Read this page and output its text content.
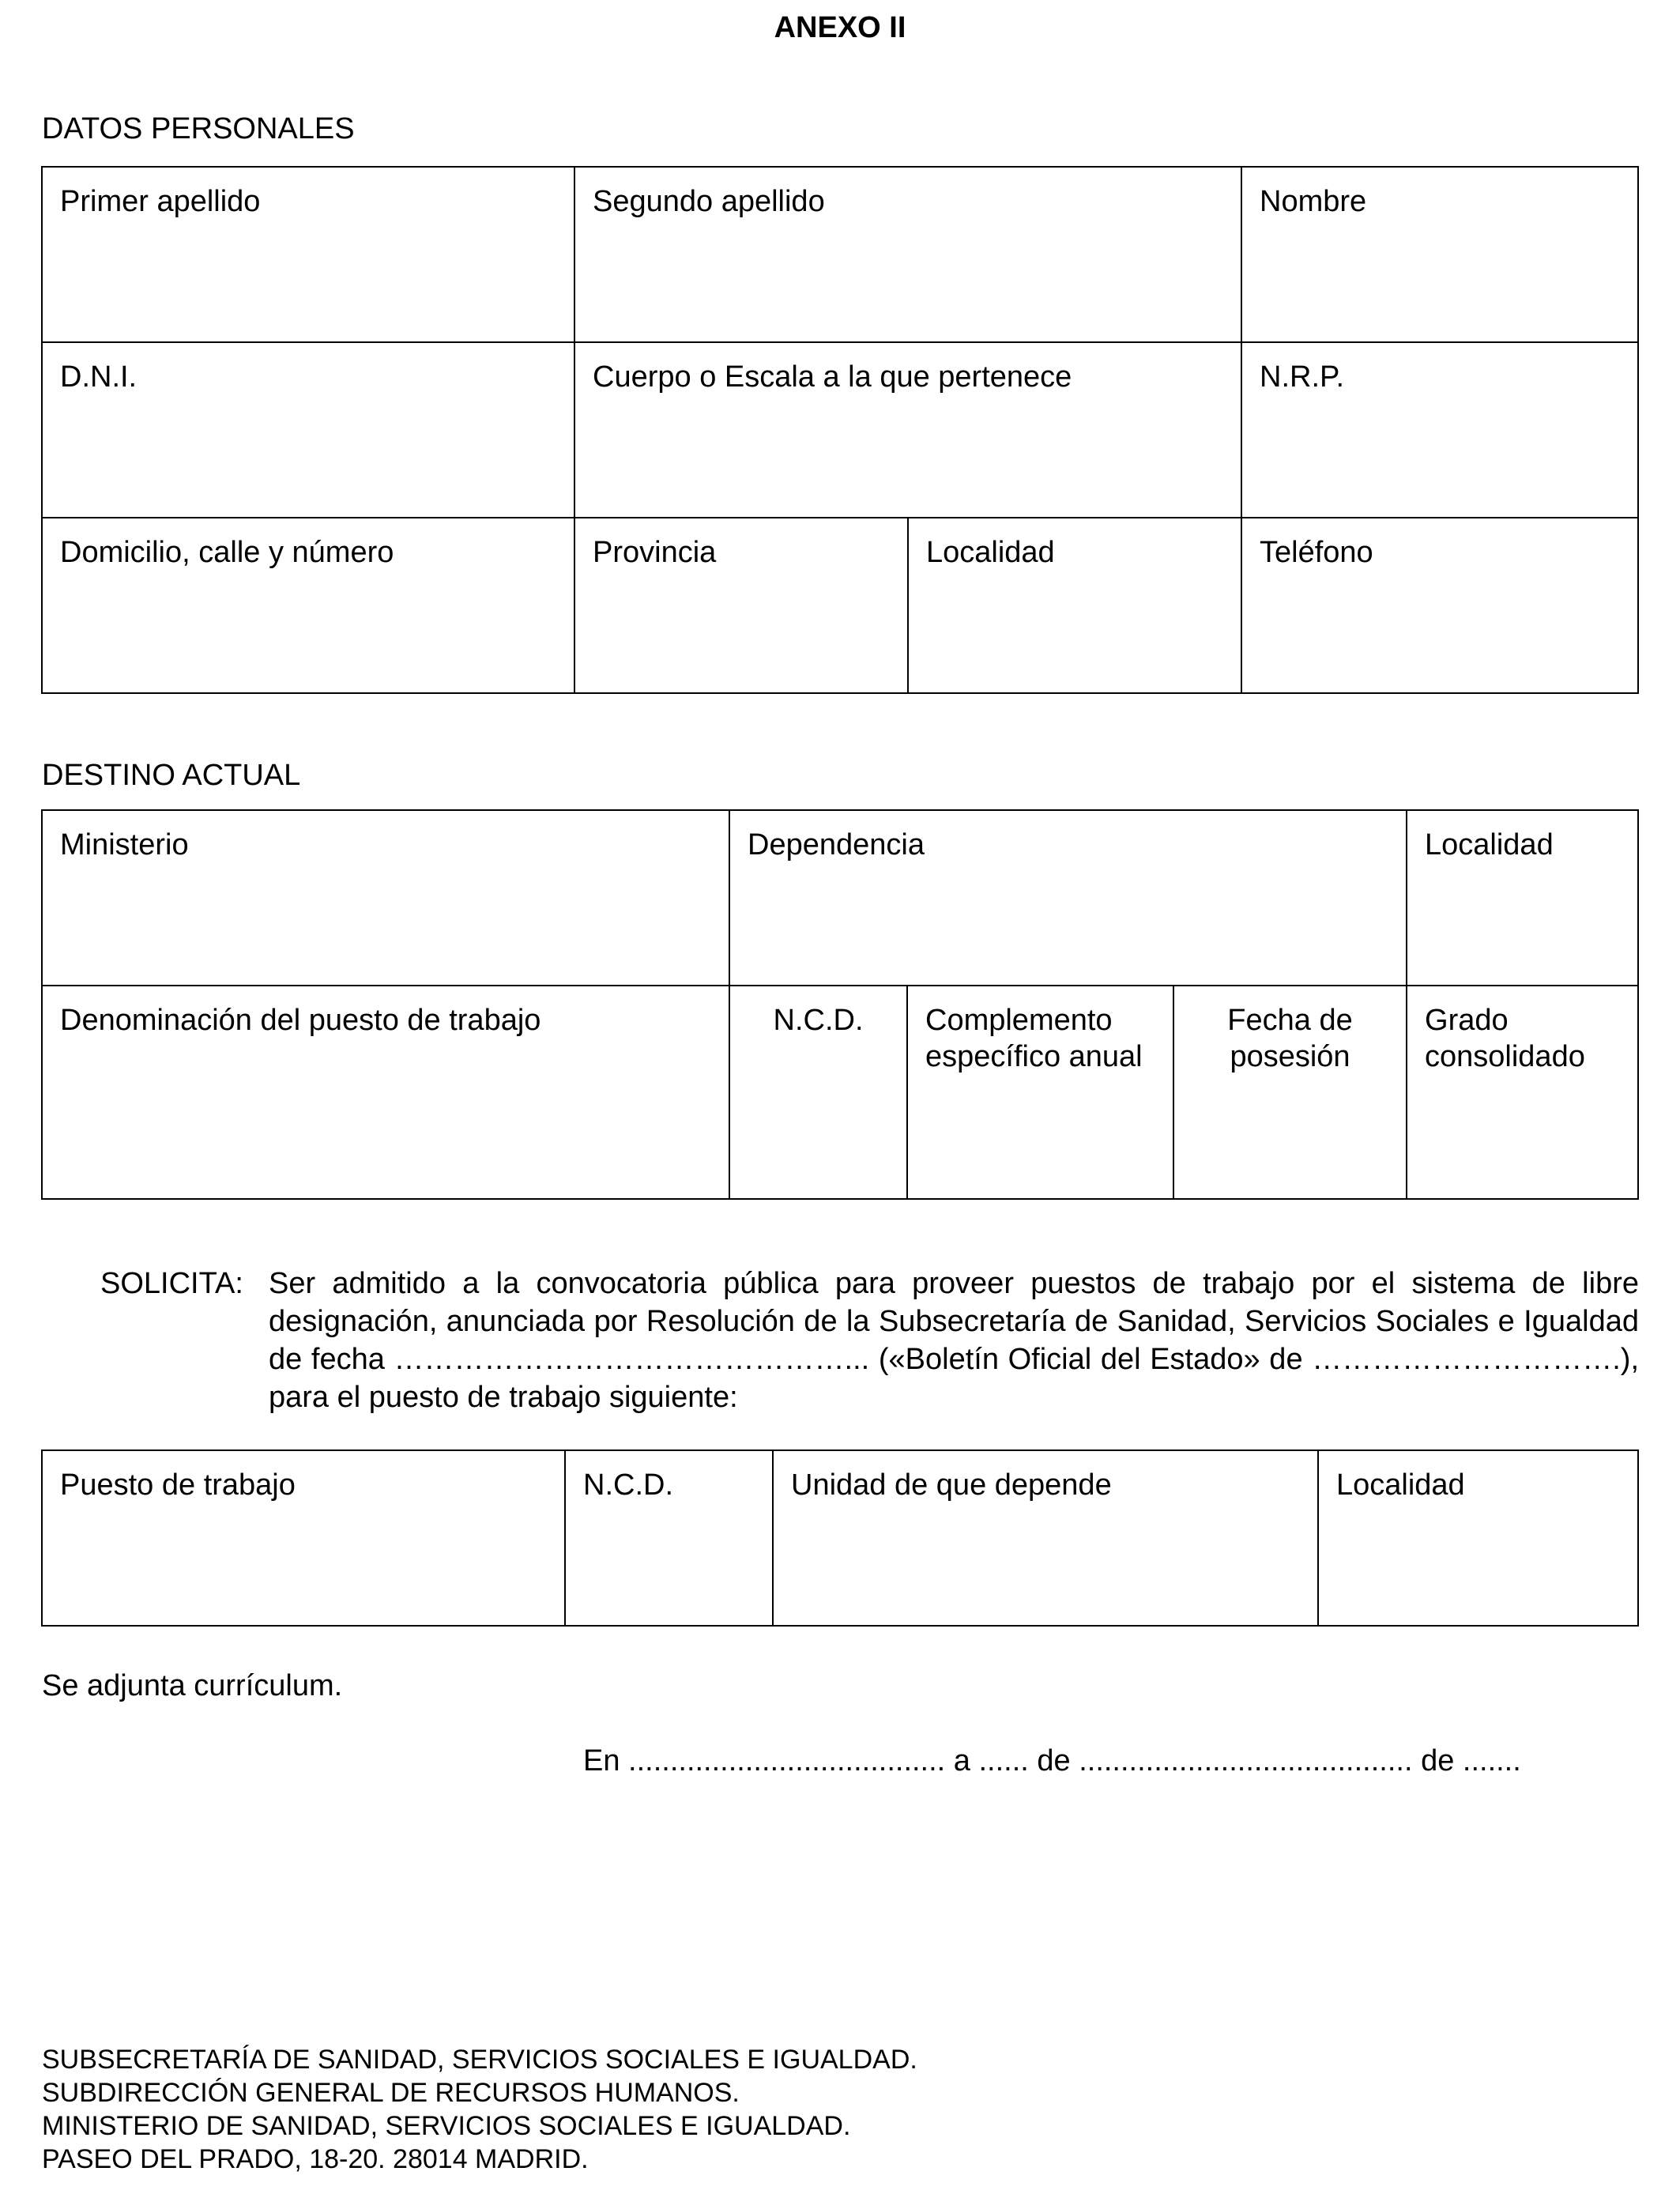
ANEXO II
DATOS PERSONALES
Primer apellido	Segundo apellido		Nombre
D.N.I.	Cuerpo o Escala a la que pertenece		N.R.P.
Domicilio, calle y número	Provincia	Localidad	Teléfono
DESTINO ACTUAL
Ministerio	Dependencia			Localidad
Denominación del puesto de trabajo	N.C.D.	Complemento específico anual	Fecha de posesión	Grado consolidado
SOLICITA: Ser admitido a la convocatoria pública para proveer puestos de trabajo por el sistema de libre designación, anunciada por Resolución de la Subsecretaría de Sanidad, Servicios Sociales e Igualdad de fecha ………………………………………... («Boletín Oficial del Estado» de ………………………….), para el puesto de trabajo siguiente:
Puesto de trabajo	N.C.D.	Unidad de que depende	Localidad
Se adjunta currículum.
En ...................................... a ...... de ........................................ de .......
SUBSECRETARÍA DE SANIDAD, SERVICIOS SOCIALES E IGUALDAD.
SUBDIRECCIÓN GENERAL DE RECURSOS HUMANOS.
MINISTERIO DE SANIDAD, SERVICIOS SOCIALES E IGUALDAD.
PASEO DEL PRADO, 18-20. 28014 MADRID.
